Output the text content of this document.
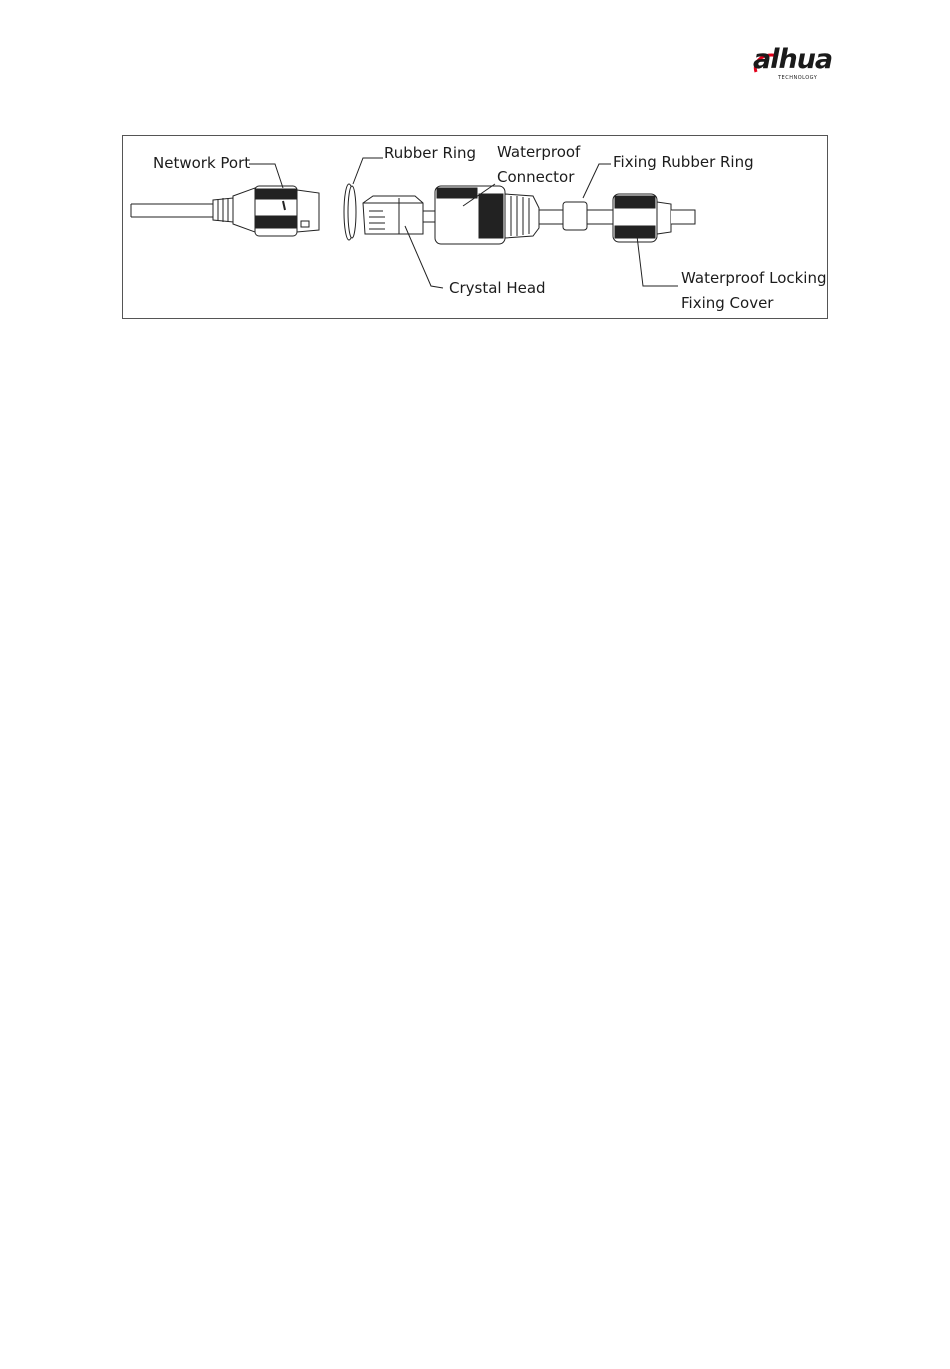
alhua
TECHNOLOGY
Network Port
Rubber Ring Waterproof
Connector
Fixing Rubber Ring
Crystal Head
Waterproof Locking
Fixing Cover
